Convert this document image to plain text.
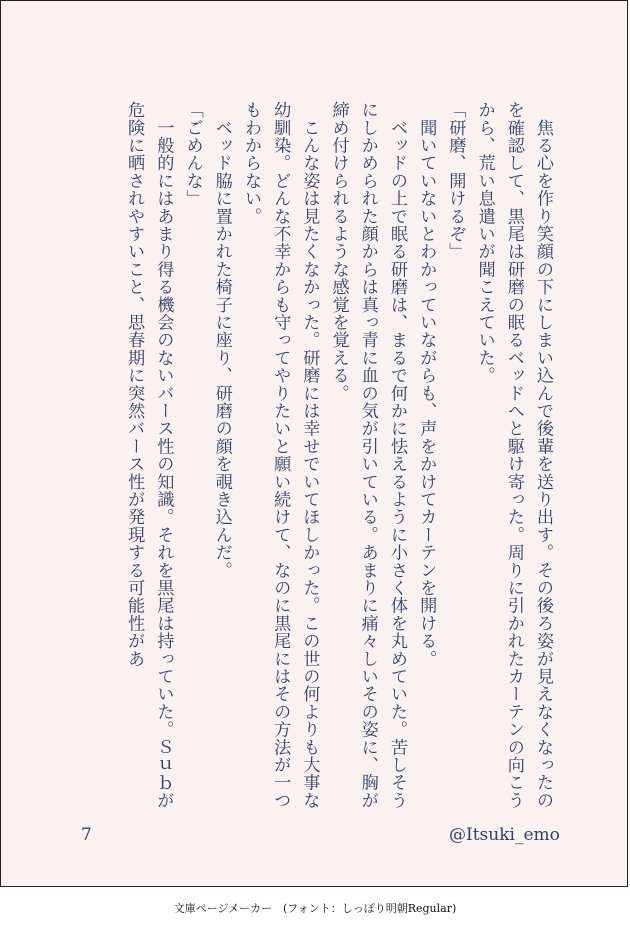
　焦る心を作り笑顔の下にしまい込んで後輩を送り出す。その後ろ姿が見えなくなったのを確認して、黒尾は研磨の眠るベッドへと駆け寄った。周りに引かれたカーテンの向こうから、荒い息遣いが聞こえていた。

「研磨、開けるぞ」

　聞いていないとわかっていながらも、声をかけてカーテンを開ける。

　ベッドの上で眠る研磨は、まるで何かに怯えるように小さく体を丸めていた。苦しそうにしかめられた顔からは真っ青に血の気が引いている。あまりに痛々しいその姿に、胸が締め付けられるような感覚を覚える。

　こんな姿は見たくなかった。研磨には幸せでいてほしかった。この世の何よりも大事な幼馴染。どんな不幸からも守ってやりたいと願い続けて、なのに黒尾にはその方法が一つもわからない。

　ベッド脇に置かれた椅子に座り、研磨の顔を覗き込んだ。

「ごめんな」

　一般的にはあまり得る機会のないバース性の知識。それを黒尾は持っていた。Ｓｕｂが危険に晒されやすいこと、思春期に突然バース性が発現する可能性があ

7	@Itsuki_emo
文庫ページメーカー　(フォント：しっぽり明朝Regular)
